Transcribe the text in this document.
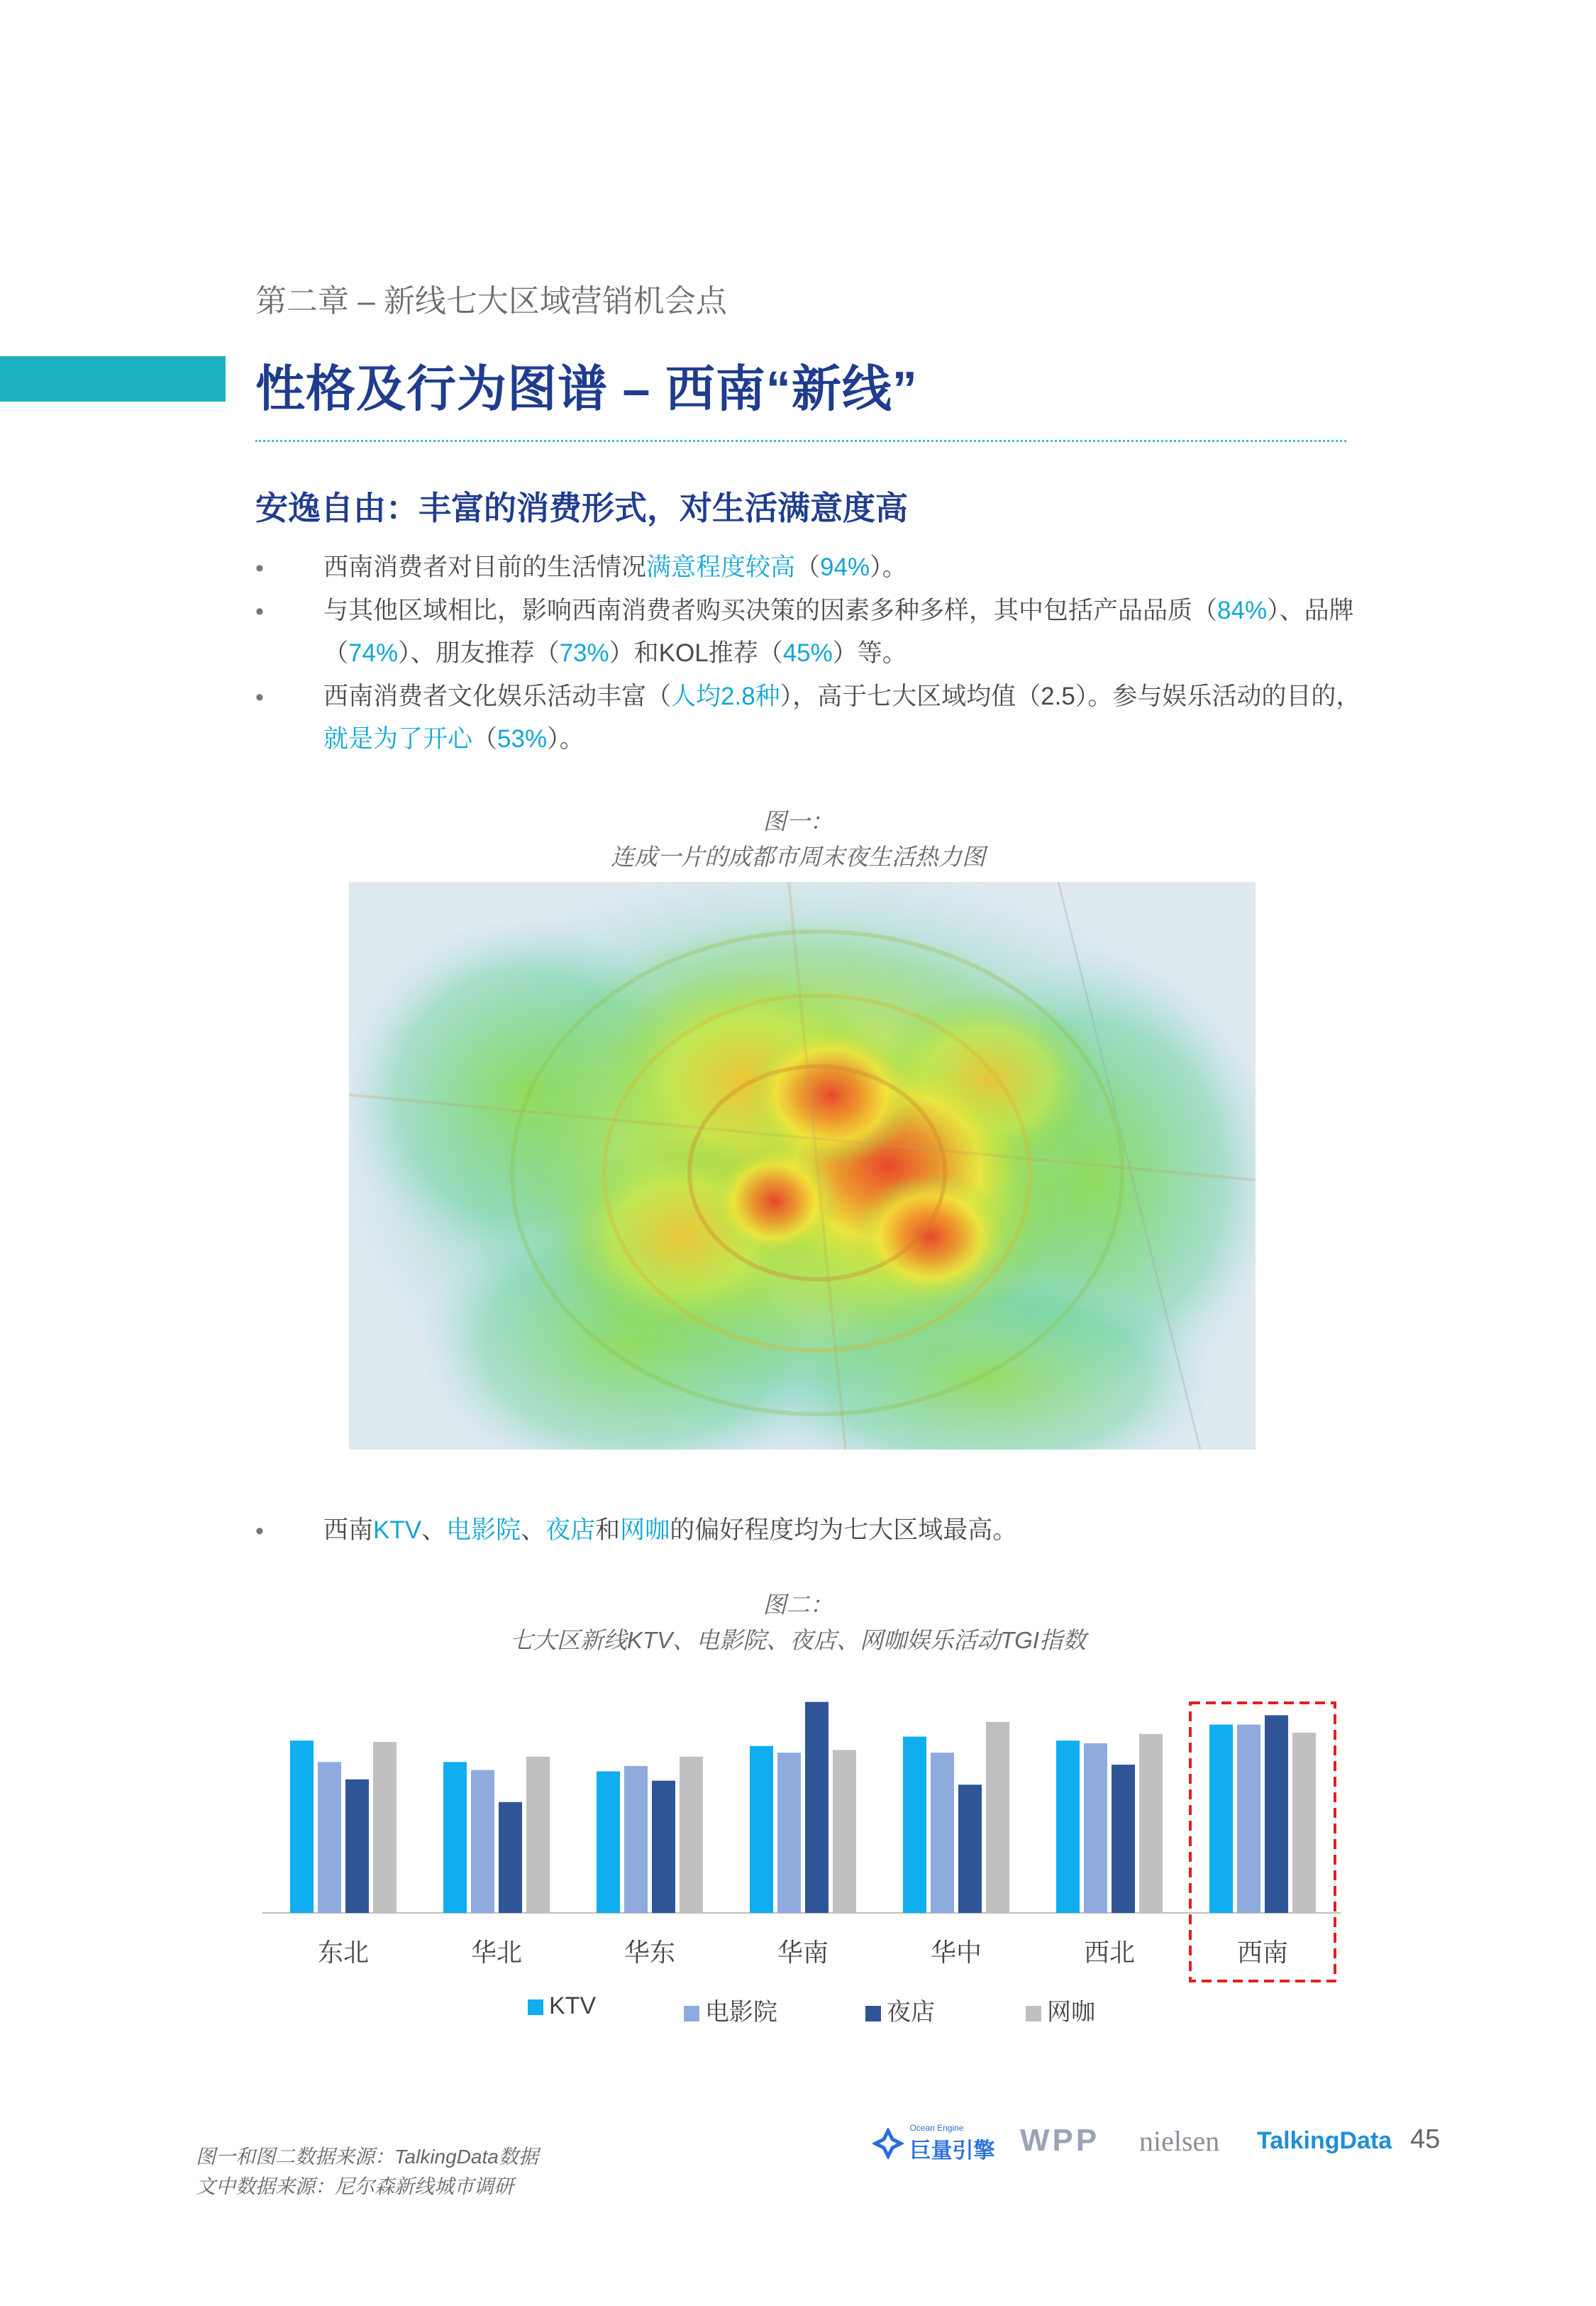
第二章 – 新线七大区域营销机会点
性格及行为图谱 – 西南“新线”
安逸自由：丰富的消费形式，对生活满意度高
• 西南消费者对目前的生活情况满意程度较高（94%）。
• 与其他区域相比，影响西南消费者购买决策的因素多种多样，其中包括产品品质（84%）、品牌
（74%）、朋友推荐（73%）和KOL推荐（45%）等。
• 西南消费者文化娱乐活动丰富（人均2.8种），高于七大区域均值（2.5）。参与娱乐活动的目的，
就是为了开心（53%）。
图一：
连成一片的成都市周末夜生活热力图
• 西南KTV、电影院、夜店和网咖的偏好程度均为七大区域最高。
图二：
七大区新线KTV、电影院、夜店、网咖娱乐活动TGI指数
东北	华北	华东	华南	华中	西北	西南
KTV	电影院	夜店	网咖
图一和图二数据来源：TalkingData数据
文中数据来源：尼尔森新线城市调研

Ocean Engine
巨量引擎 WPP nielsen TalkingData 45
